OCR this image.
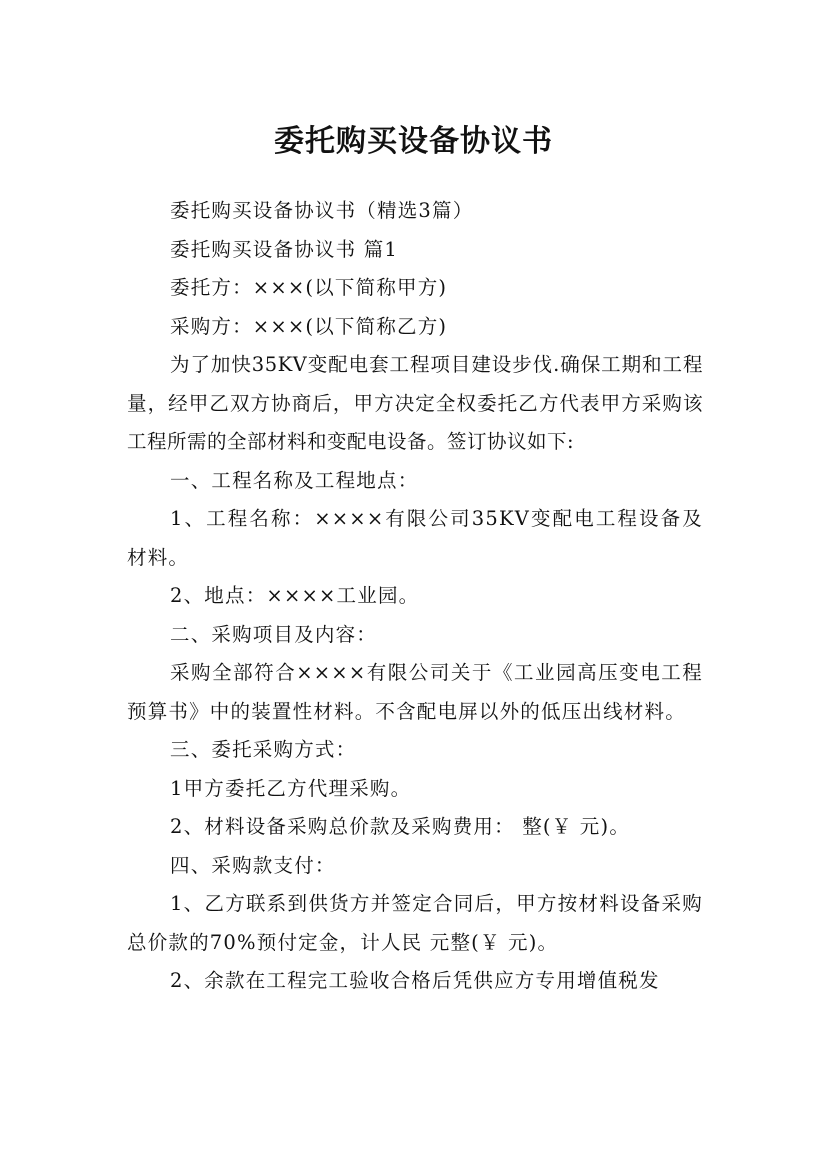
委托购买设备协议书

委托购买设备协议书（精选3篇）

委托购买设备协议书 篇1

委托方：×××(以下简称甲方)

采购方：×××(以下简称乙方)

为了加快35KV变配电套工程项目建设步伐.确保工期和工程量，经甲乙双方协商后，甲方决定全权委托乙方代表甲方采购该工程所需的全部材料和变配电设备。签订协议如下:

一、工程名称及工程地点：

1、工程名称：××××有限公司35KV变配电工程设备及材料。

2、地点：××××工业园。

二、采购项目及内容：

采购全部符合××××有限公司关于《工业园高压变电工程预算书》中的装置性材料。不含配电屏以外的低压出线材料。

三、委托采购方式：

1甲方委托乙方代理采购。

2、材料设备采购总价款及采购费用： 整(￥ 元)。

四、采购款支付：

1、乙方联系到供货方并签定合同后，甲方按材料设备采购总价款的70%预付定金，计人民 元整(￥ 元)。

2、余款在工程完工验收合格后凭供应方专用增值税发
